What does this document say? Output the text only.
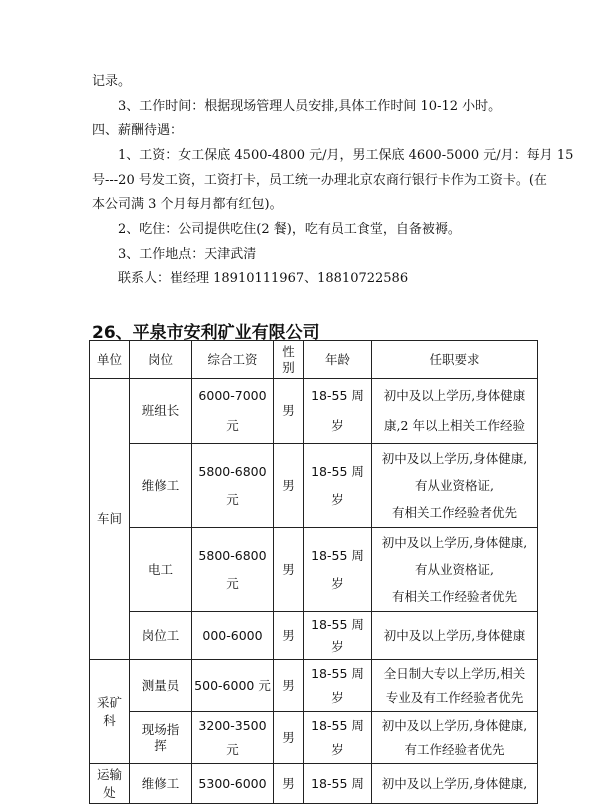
记录。
3、工作时间：根据现场管理人员安排,具体工作时间 10-12 小时。
四、薪酬待遇：
1、工资：女工保底 4500-4800 元/月，男工保底 4600-5000 元/月：每月 15
号---20 号发工资，工资打卡，员工统一办理北京农商行银行卡作为工资卡。(在
本公司满 3 个月每月都有红包)。
2、吃住：公司提供吃住(2 餐)，吃有员工食堂，自备被褥。
3、工作地点：天津武清
联系人：崔经理 18910111967、18810722586
26、平泉市安利矿业有限公司
单位	岗位	综合工资	性
别	年龄	任职要求
车间	班组长	6000-7000
元	男	18-55 周
岁	初中及以上学历,身体健康
康,2 年以上相关工作经验

	维修工	5800-6800
元	男	18-55 周
岁	初中及以上学历,身体健康,
有从业资格证,
有相关工作经验者优先

	电工	5800-6800
元	男	18-55 周
岁	初中及以上学历,身体健康,
有从业资格证,
有相关工作经验者优先

	岗位工	000-6000	男	18-55 周
岁	初中及以上学历,身体健康

采矿
科	测量员	500-6000 元	男	18-55 周
岁	全日制大专以上学历,相关
专业及有工作经验者优先

	现场指
挥	3200-3500
元	男	18-55 周
岁	初中及以上学历,身体健康,
有工作经验者优先

运输
处	维修工	5300-6000	男	18-55 周	初中及以上学历,身体健康,
